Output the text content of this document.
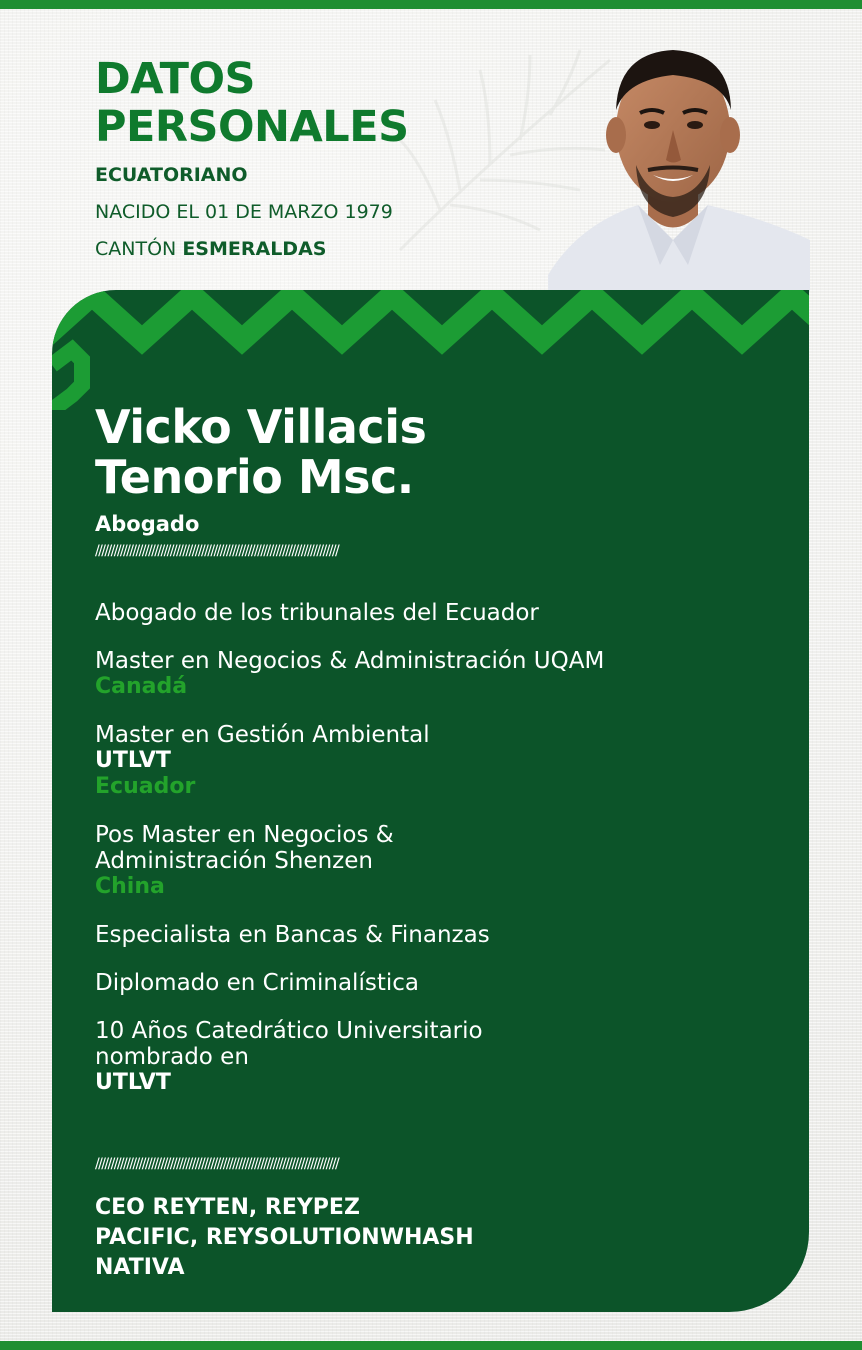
DATOS
PERSONALES
ECUATORIANO
NACIDO EL 01 DE MARZO 1979
CANTÓN ESMERALDAS
Vicko Villacis
Tenorio Msc.
Abogado
//////////////////////////////////////////////////////////////////////////////
Abogado de los tribunales del Ecuador
Master en Negocios & Administración UQAM
Canadá
Master en Gestión Ambiental
UTLVT
Ecuador
Pos Master en Negocios &
Administración Shenzen
China
Especialista en Bancas & Finanzas
Diplomado en Criminalística
10 Años Catedrático Universitario
nombrado en
UTLVT
//////////////////////////////////////////////////////////////////////////////
CEO REYTEN, REYPEZ
PACIFIC, REYSOLUTIONWHASH
NATIVA
